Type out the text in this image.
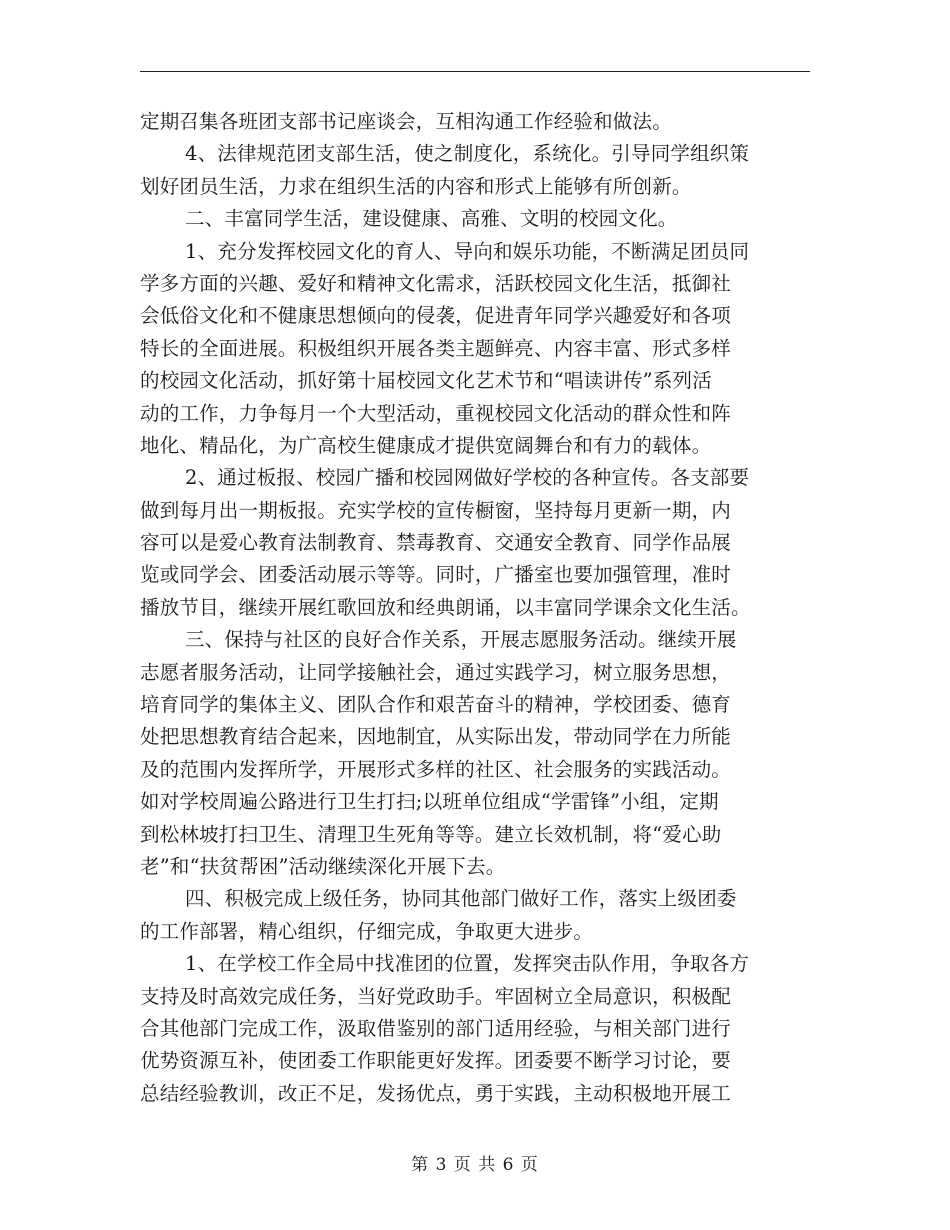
定期召集各班团支部书记座谈会，互相沟通工作经验和做法。
4、法律规范团支部生活，使之制度化，系统化。引导同学组织策
划好团员生活，力求在组织生活的内容和形式上能够有所创新。
二、丰富同学生活，建设健康、高雅、文明的校园文化。
1、充分发挥校园文化的育人、导向和娱乐功能，不断满足团员同
学多方面的兴趣、爱好和精神文化需求，活跃校园文化生活，抵御社
会低俗文化和不健康思想倾向的侵袭，促进青年同学兴趣爱好和各项
特长的全面进展。积极组织开展各类主题鲜亮、内容丰富、形式多样
的校园文化活动，抓好第十届校园文化艺术节和“唱读讲传”系列活
动的工作，力争每月一个大型活动，重视校园文化活动的群众性和阵
地化、精品化，为广高校生健康成才提供宽阔舞台和有力的载体。
2、通过板报、校园广播和校园网做好学校的各种宣传。各支部要
做到每月出一期板报。充实学校的宣传橱窗，坚持每月更新一期，内
容可以是爱心教育法制教育、禁毒教育、交通安全教育、同学作品展
览或同学会、团委活动展示等等。同时，广播室也要加强管理，准时
播放节目，继续开展红歌回放和经典朗诵，以丰富同学课余文化生活。
三、保持与社区的良好合作关系，开展志愿服务活动。继续开展
志愿者服务活动，让同学接触社会，通过实践学习，树立服务思想，
培育同学的集体主义、团队合作和艰苦奋斗的精神，学校团委、德育
处把思想教育结合起来，因地制宜，从实际出发，带动同学在力所能
及的范围内发挥所学，开展形式多样的社区、社会服务的实践活动。
如对学校周遍公路进行卫生打扫;以班单位组成“学雷锋”小组，定期
到松林坡打扫卫生、清理卫生死角等等。建立长效机制，将“爱心助
老”和“扶贫帮困”活动继续深化开展下去。
四、积极完成上级任务，协同其他部门做好工作，落实上级团委
的工作部署，精心组织，仔细完成，争取更大进步。
1、在学校工作全局中找准团的位置，发挥突击队作用，争取各方
支持及时高效完成任务，当好党政助手。牢固树立全局意识，积极配
合其他部门完成工作，汲取借鉴别的部门适用经验，与相关部门进行
优势资源互补，使团委工作职能更好发挥。团委要不断学习讨论，要
总结经验教训，改正不足，发扬优点，勇于实践，主动积极地开展工
第 3 页 共 6 页
